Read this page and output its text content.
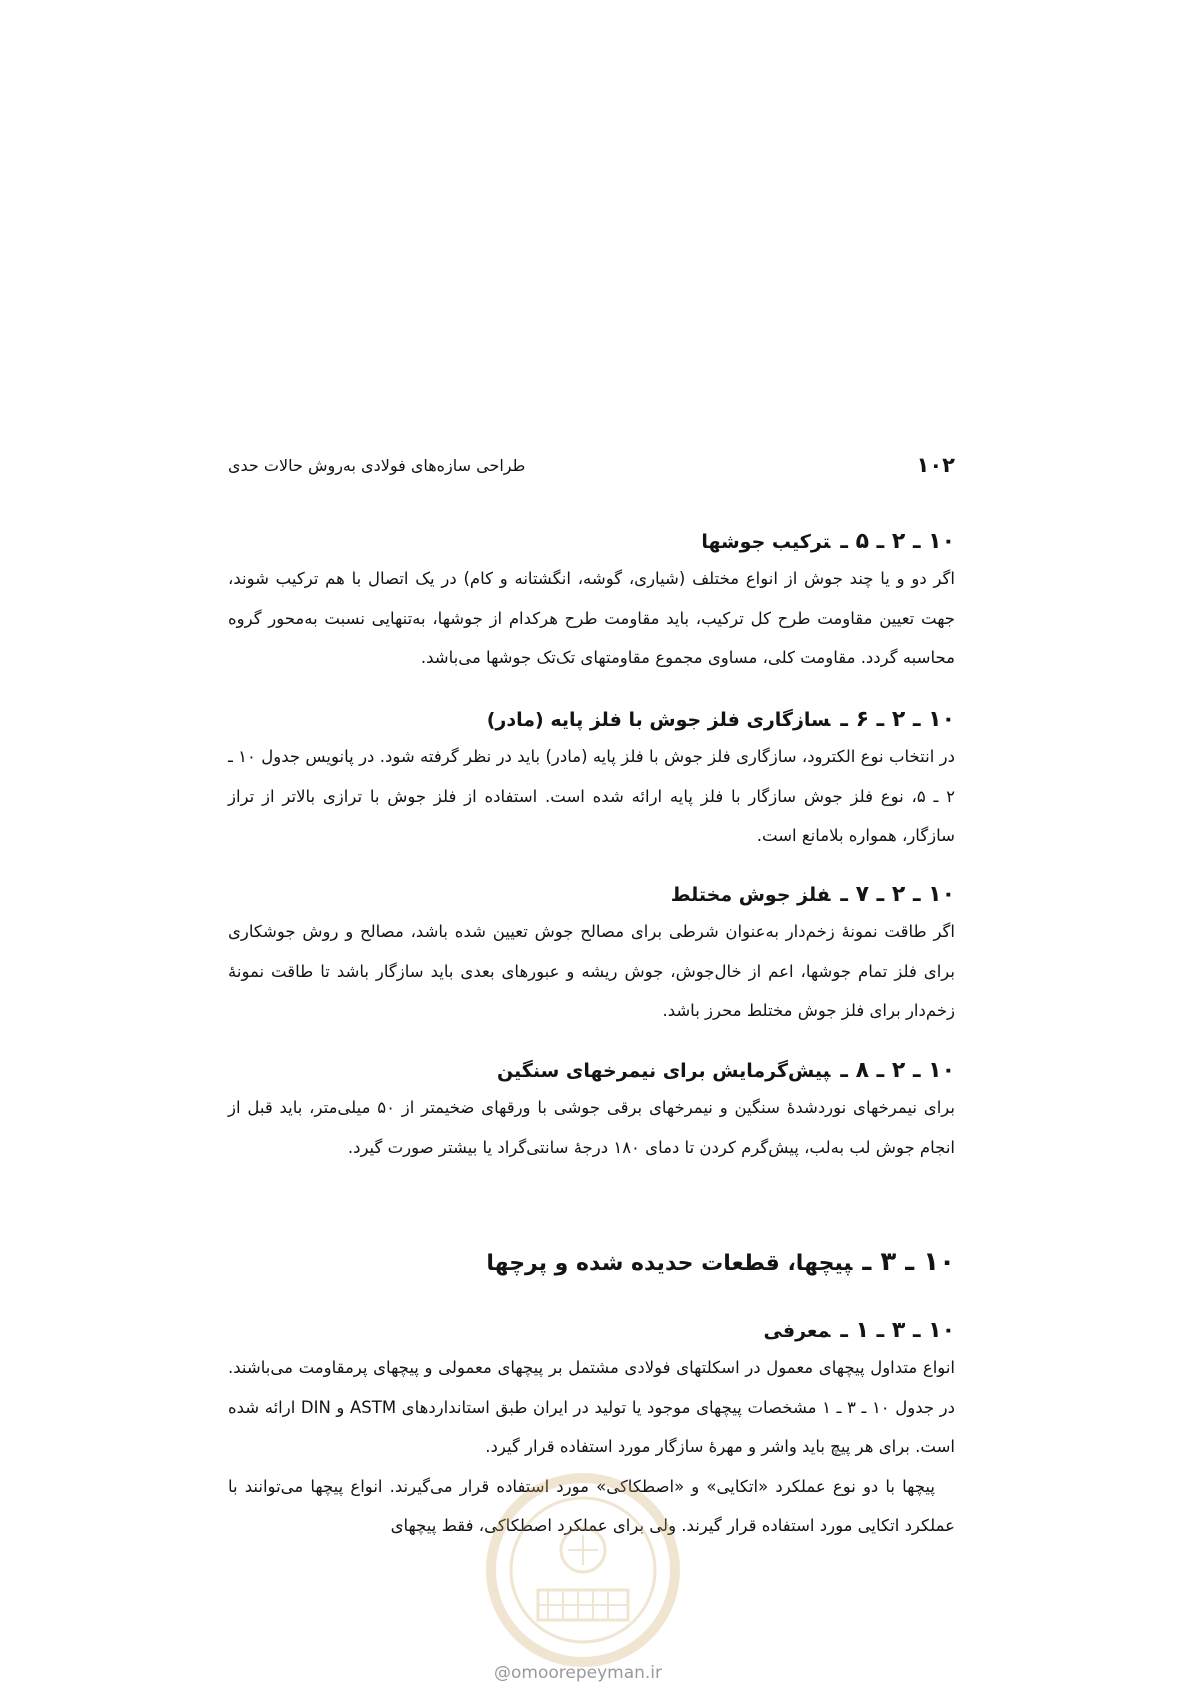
۱۰۲
طراحی سازه‌های فولادی به‌روش حالات حدی
۱۰ ـ ۲ ـ ۵ ـترکیب جوشها

اگر دو و یا چند جوش از انواع مختلف (شیاری، گوشه، انگشتانه و کام) در یک اتصال با هم ترکیب شوند، جهت تعیین مقاومت طرح کل ترکیب، باید مقاومت طرح هرکدام از جوشها، به‌تنهایی نسبت به‌محور گروه محاسبه گردد. مقاومت کلی، مساوی مجموع مقاومتهای تک‌تک جوشها می‌باشد.

۱۰ ـ ۲ ـ ۶ ـسازگاری فلز جوش با فلز پایه (مادر)

در انتخاب نوع الکترود، سازگاری فلز جوش با فلز پایه (مادر) باید در نظر گرفته شود. در پانویس جدول ۱۰ ـ ۲ ـ ۵، نوع فلز جوش سازگار با فلز پایه ارائه شده است. استفاده از فلز جوش با ترازی بالاتر از تراز سازگار، همواره بلامانع است.

۱۰ ـ ۲ ـ ۷ ـفلز جوش مختلط

اگر طاقت نمونهٔ زخم‌دار به‌عنوان شرطی برای مصالح جوش تعیین شده باشد، مصالح و روش جوشکاری برای فلز تمام جوشها، اعم از خال‌جوش، جوش ریشه و عبورهای بعدی باید سازگار باشد تا طاقت نمونهٔ زخم‌دار برای فلز جوش مختلط محرز باشد.

۱۰ ـ ۲ ـ ۸ ـپیش‌گرمایش برای نیمرخهای سنگین

برای نیمرخهای نوردشدهٔ سنگین و نیمرخهای برقی جوشی با ورقهای ضخیمتر از ۵۰ میلی‌متر، باید قبل از انجام جوش لب به‌لب، پیش‌گرم کردن تا دمای ۱۸۰ درجهٔ سانتی‌گراد یا بیشتر صورت گیرد.

۱۰ ـ ۳ ـپیچها، قطعات حدیده شده و پرچها
۱۰ ـ ۳ ـ ۱ ـمعرفی

انواع متداول پیچهای معمول در اسکلتهای فولادی مشتمل بر پیچهای معمولی و پیچهای پرمقاومت می‌باشند. در جدول ۱۰ ـ ۳ ـ ۱ مشخصات پیچهای موجود یا تولید در ایران طبق استانداردهای ASTM و DIN ارائه شده است. برای هر پیچ باید واشر و مهرهٔ سازگار مورد استفاده قرار گیرد.

پیچها با دو نوع عملکرد «اتکایی» و «اصطکاکی» مورد استفاده قرار می‌گیرند. انواع پیچها می‌توانند با عملکرد اتکایی مورد استفاده قرار گیرند. ولی برای عملکرد اصطکاکی، فقط پیچهای

@omoorepeyman.ir
